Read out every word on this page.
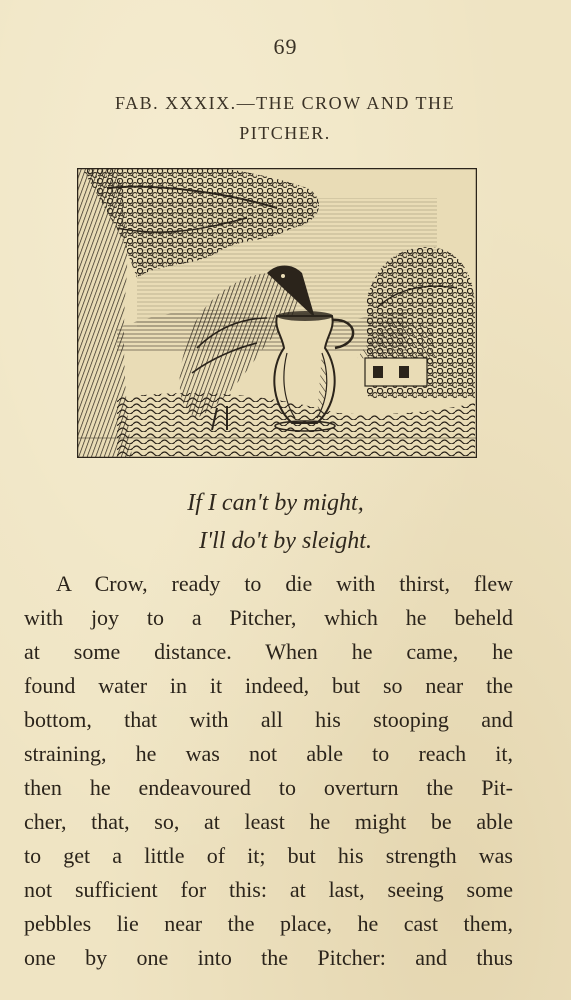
69
FAB. XXXIX.—THE CROW AND THE
PITCHER.
If I can't by might,
I'll do't by sleight.
A Crow, ready to die with thirst, flew
with joy to a Pitcher, which he beheld
at some distance. When he came, he
found water in it indeed, but so near the
bottom, that with all his stooping and
straining, he was not able to reach it,
then he endeavoured to overturn the Pit-
cher, that, so, at least he might be able
to get a little of it; but his strength was
not sufficient for this: at last, seeing some
pebbles lie near the place, he cast them,
one by one into the Pitcher: and thus
